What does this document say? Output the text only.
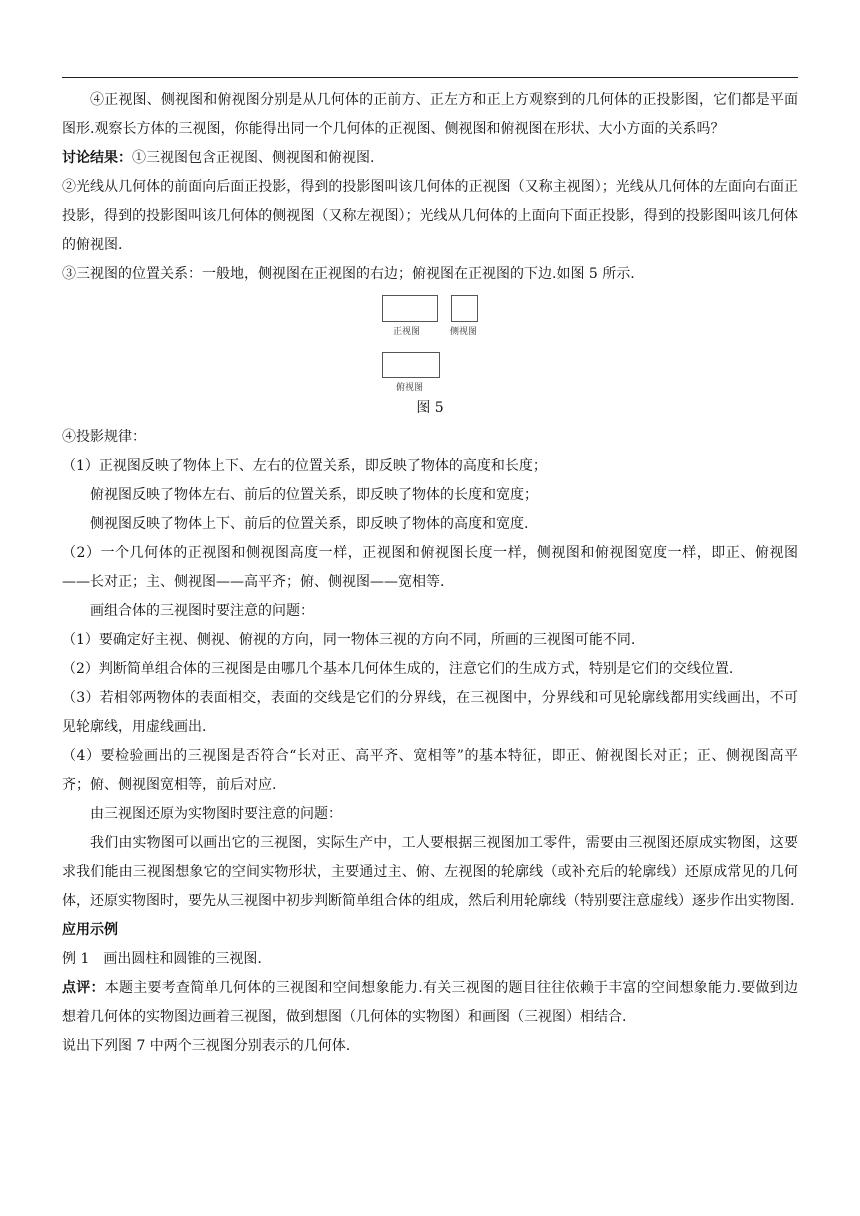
④正视图、侧视图和俯视图分别是从几何体的正前方、正左方和正上方观察到的几何体的正投影图，它们都是平面图形.观察长方体的三视图，你能得出同一个几何体的正视图、侧视图和俯视图在形状、大小方面的关系吗？

讨论结果：①三视图包含正视图、侧视图和俯视图.

②光线从几何体的前面向后面正投影，得到的投影图叫该几何体的正视图（又称主视图）；光线从几何体的左面向右面正投影，得到的投影图叫该几何体的侧视图（又称左视图）；光线从几何体的上面向下面正投影，得到的投影图叫该几何体的俯视图.

③三视图的位置关系：一般地，侧视图在正视图的右边；俯视图在正视图的下边.如图 5 所示.

正视图	侧视图
俯视图

图 5

④投影规律：

（1）正视图反映了物体上下、左右的位置关系，即反映了物体的高度和长度；

俯视图反映了物体左右、前后的位置关系，即反映了物体的长度和宽度；

侧视图反映了物体上下、前后的位置关系，即反映了物体的高度和宽度.

（2）一个几何体的正视图和侧视图高度一样，正视图和俯视图长度一样，侧视图和俯视图宽度一样，即正、俯视图——长对正；主、侧视图——高平齐；俯、侧视图——宽相等.

画组合体的三视图时要注意的问题：

（1）要确定好主视、侧视、俯视的方向，同一物体三视的方向不同，所画的三视图可能不同.

（2）判断简单组合体的三视图是由哪几个基本几何体生成的，注意它们的生成方式，特别是它们的交线位置.

（3）若相邻两物体的表面相交，表面的交线是它们的分界线，在三视图中，分界线和可见轮廓线都用实线画出，不可见轮廓线，用虚线画出.

（4）要检验画出的三视图是否符合“长对正、高平齐、宽相等”的基本特征，即正、俯视图长对正；正、侧视图高平齐；俯、侧视图宽相等，前后对应.

由三视图还原为实物图时要注意的问题：

我们由实物图可以画出它的三视图，实际生产中，工人要根据三视图加工零件，需要由三视图还原成实物图，这要求我们能由三视图想象它的空间实物形状，主要通过主、俯、左视图的轮廓线（或补充后的轮廓线）还原成常见的几何体，还原实物图时，要先从三视图中初步判断简单组合体的组成，然后利用轮廓线（特别要注意虚线）逐步作出实物图.

应用示例

例 1　画出圆柱和圆锥的三视图.

点评：本题主要考查简单几何体的三视图和空间想象能力.有关三视图的题目往往依赖于丰富的空间想象能力.要做到边想着几何体的实物图边画着三视图，做到想图（几何体的实物图）和画图（三视图）相结合.

说出下列图 7 中两个三视图分别表示的几何体.
